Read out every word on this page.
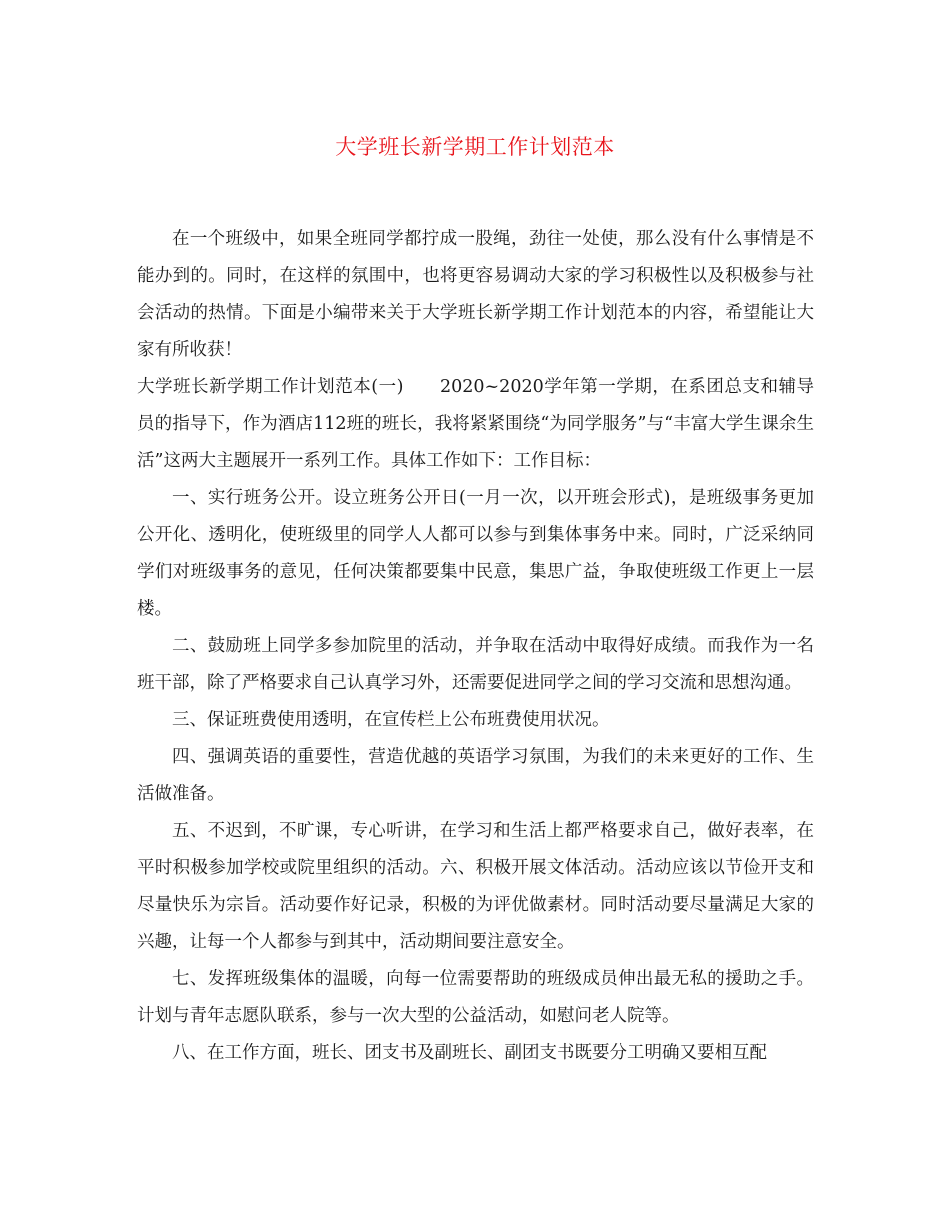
大学班长新学期工作计划范本

在一个班级中，如果全班同学都拧成一股绳，劲往一处使，那么没有什么事情是不能办到的。同时，在这样的氛围中，也将更容易调动大家的学习积极性以及积极参与社会活动的热情。下面是小编带来关于大学班长新学期工作计划范本的内容，希望能让大家有所收获！

大学班长新学期工作计划范本(一)　　2020~2020学年第一学期，在系团总支和辅导员的指导下，作为酒店112班的班长，我将紧紧围绕“为同学服务”与“丰富大学生课余生活”这两大主题展开一系列工作。具体工作如下：工作目标：

一、实行班务公开。设立班务公开日(一月一次，以开班会形式)，是班级事务更加公开化、透明化，使班级里的同学人人都可以参与到集体事务中来。同时，广泛采纳同学们对班级事务的意见，任何决策都要集中民意，集思广益，争取使班级工作更上一层楼。

二、鼓励班上同学多参加院里的活动，并争取在活动中取得好成绩。而我作为一名班干部，除了严格要求自己认真学习外，还需要促进同学之间的学习交流和思想沟通。

三、保证班费使用透明，在宣传栏上公布班费使用状况。

四、强调英语的重要性，营造优越的英语学习氛围，为我们的未来更好的工作、生活做准备。

五、不迟到，不旷课，专心听讲，在学习和生活上都严格要求自己，做好表率，在平时积极参加学校或院里组织的活动。六、积极开展文体活动。活动应该以节俭开支和尽量快乐为宗旨。活动要作好记录，积极的为评优做素材。同时活动要尽量满足大家的兴趣，让每一个人都参与到其中，活动期间要注意安全。

七、发挥班级集体的温暖，向每一位需要帮助的班级成员伸出最无私的援助之手。计划与青年志愿队联系，参与一次大型的公益活动，如慰问老人院等。

八、在工作方面，班长、团支书及副班长、副团支书既要分工明确又要相互配
